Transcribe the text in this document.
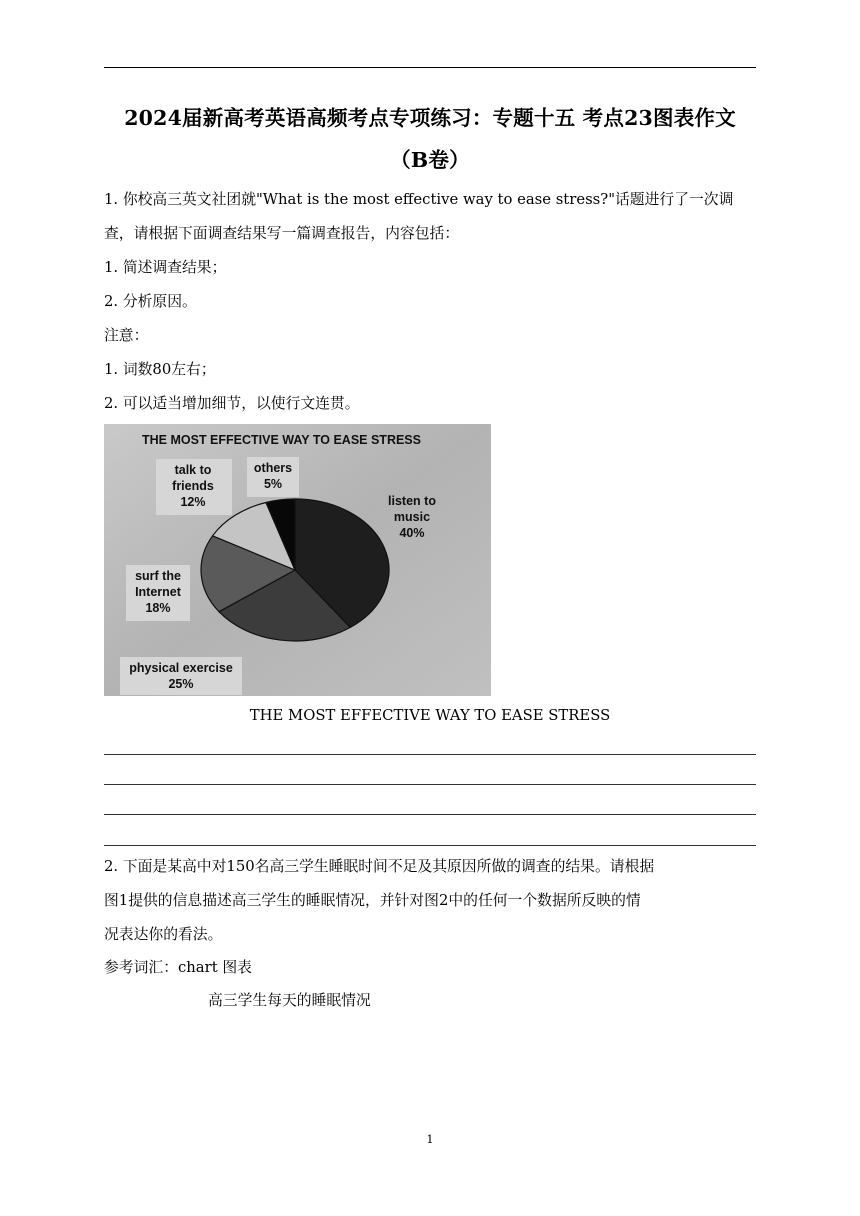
2024届新高考英语高频考点专项练习：专题十五 考点23图表作文
（B卷）
1. 你校高三英文社团就"What is the most effective way to ease stress?"话题进行了一次调
查，请根据下面调查结果写一篇调查报告，内容包括：
1. 简述调查结果；
2. 分析原因。
注意：
1. 词数80左右；
2. 可以适当增加细节，以使行文连贯。
listen to
music
40%
physical exercise
25%
surf the
Internet
18%
talk to
friends
12%
others
5%
THE MOST EFFECTIVE WAY TO EASE STRESS
THE MOST EFFECTIVE WAY TO EASE STRESS
2. 下面是某高中对150名高三学生睡眠时间不足及其原因所做的调查的结果。请根据
图1提供的信息描述高三学生的睡眠情况，并针对图2中的任何一个数据所反映的情
况表达你的看法。
参考词汇：chart 图表
高三学生每天的睡眠情况
1
